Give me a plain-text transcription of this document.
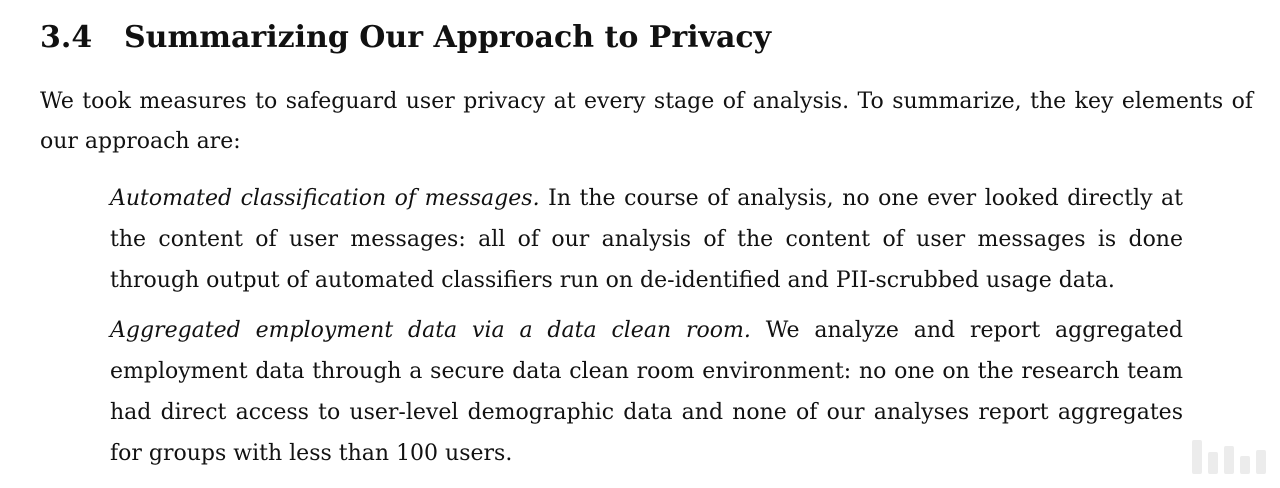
3.4 Summarizing Our Approach to Privacy
We took measures to safeguard user privacy at every stage of analysis. To summarize, the key elements of our approach are:
Automated classification of messages. In the course of analysis, no one ever looked directly at the content of user messages: all of our analysis of the content of user messages is done through output of automated classifiers run on de-identified and PII-scrubbed usage data.
Aggregated employment data via a data clean room. We analyze and report aggregated employment data through a secure data clean room environment: no one on the research team had direct access to user-level demographic data and none of our analyses report aggregates for groups with less than 100 users.
